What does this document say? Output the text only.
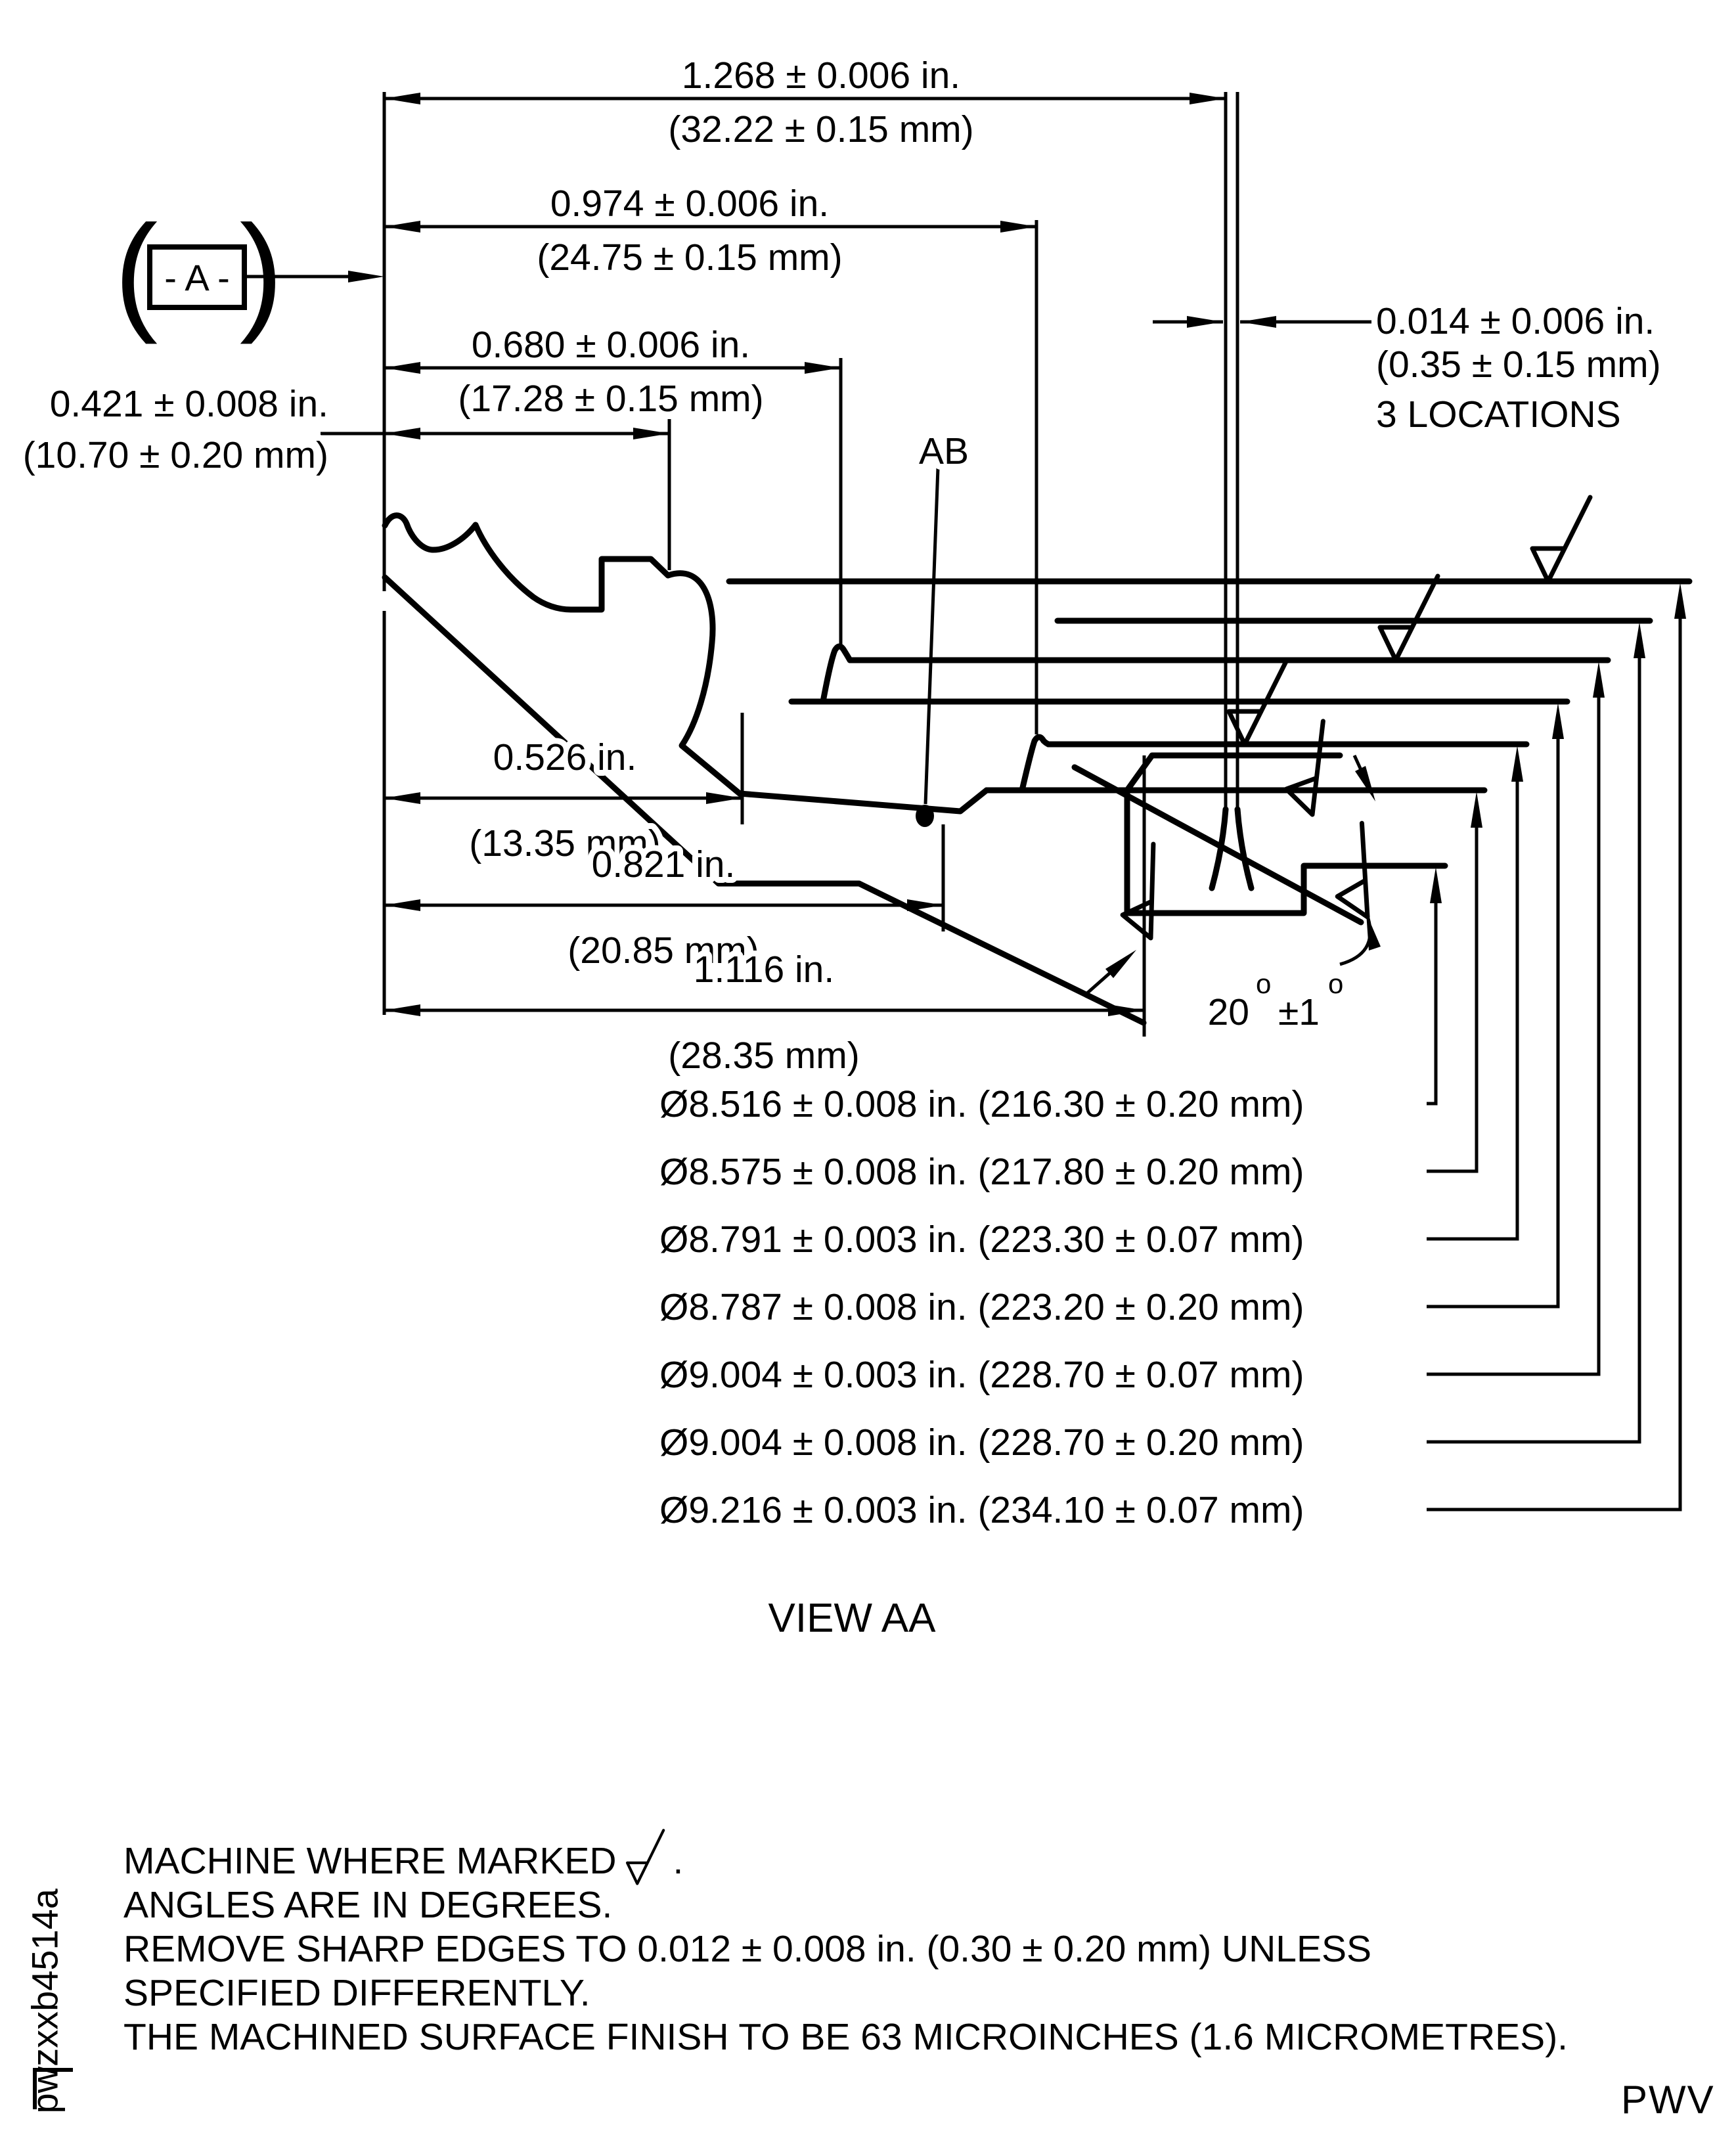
( )
- A -
1.268 ± 0.006 in.
(32.22 ± 0.15 mm)
0.974 ± 0.006 in.
(24.75 ± 0.15 mm)
0.680 ± 0.006 in.
(17.28 ± 0.15 mm)
0.421 ± 0.008 in.
(10.70 ± 0.20 mm)
0.526 in.
(13.35 mm)
0.821 in.
(20.85 mm)
1.116 in.
(28.35 mm)
0.014 ± 0.006 in.
(0.35 ± 0.15 mm)
3 LOCATIONS
AB
20
o
±1
o
Ø8.516 ± 0.008 in. (216.30 ± 0.20 mm)
Ø8.575 ± 0.008 in. (217.80 ± 0.20 mm)
Ø8.791 ± 0.003 in. (223.30 ± 0.07 mm)
Ø8.787 ± 0.008 in. (223.20 ± 0.20 mm)
Ø9.004 ± 0.003 in. (228.70 ± 0.07 mm)
Ø9.004 ± 0.008 in. (228.70 ± 0.20 mm)
Ø9.216 ± 0.003 in. (234.10 ± 0.07 mm)
VIEW AA
MACHINE WHERE MARKED .
ANGLES ARE IN DEGREES.
REMOVE SHARP EDGES TO 0.012 ± 0.008 in. (0.30 ± 0.20 mm) UNLESS
SPECIFIED DIFFERENTLY.
THE MACHINED SURFACE FINISH TO BE 63 MICROINCHES (1.6 MICROMETRES).
pwzxxb4514a	PWV
